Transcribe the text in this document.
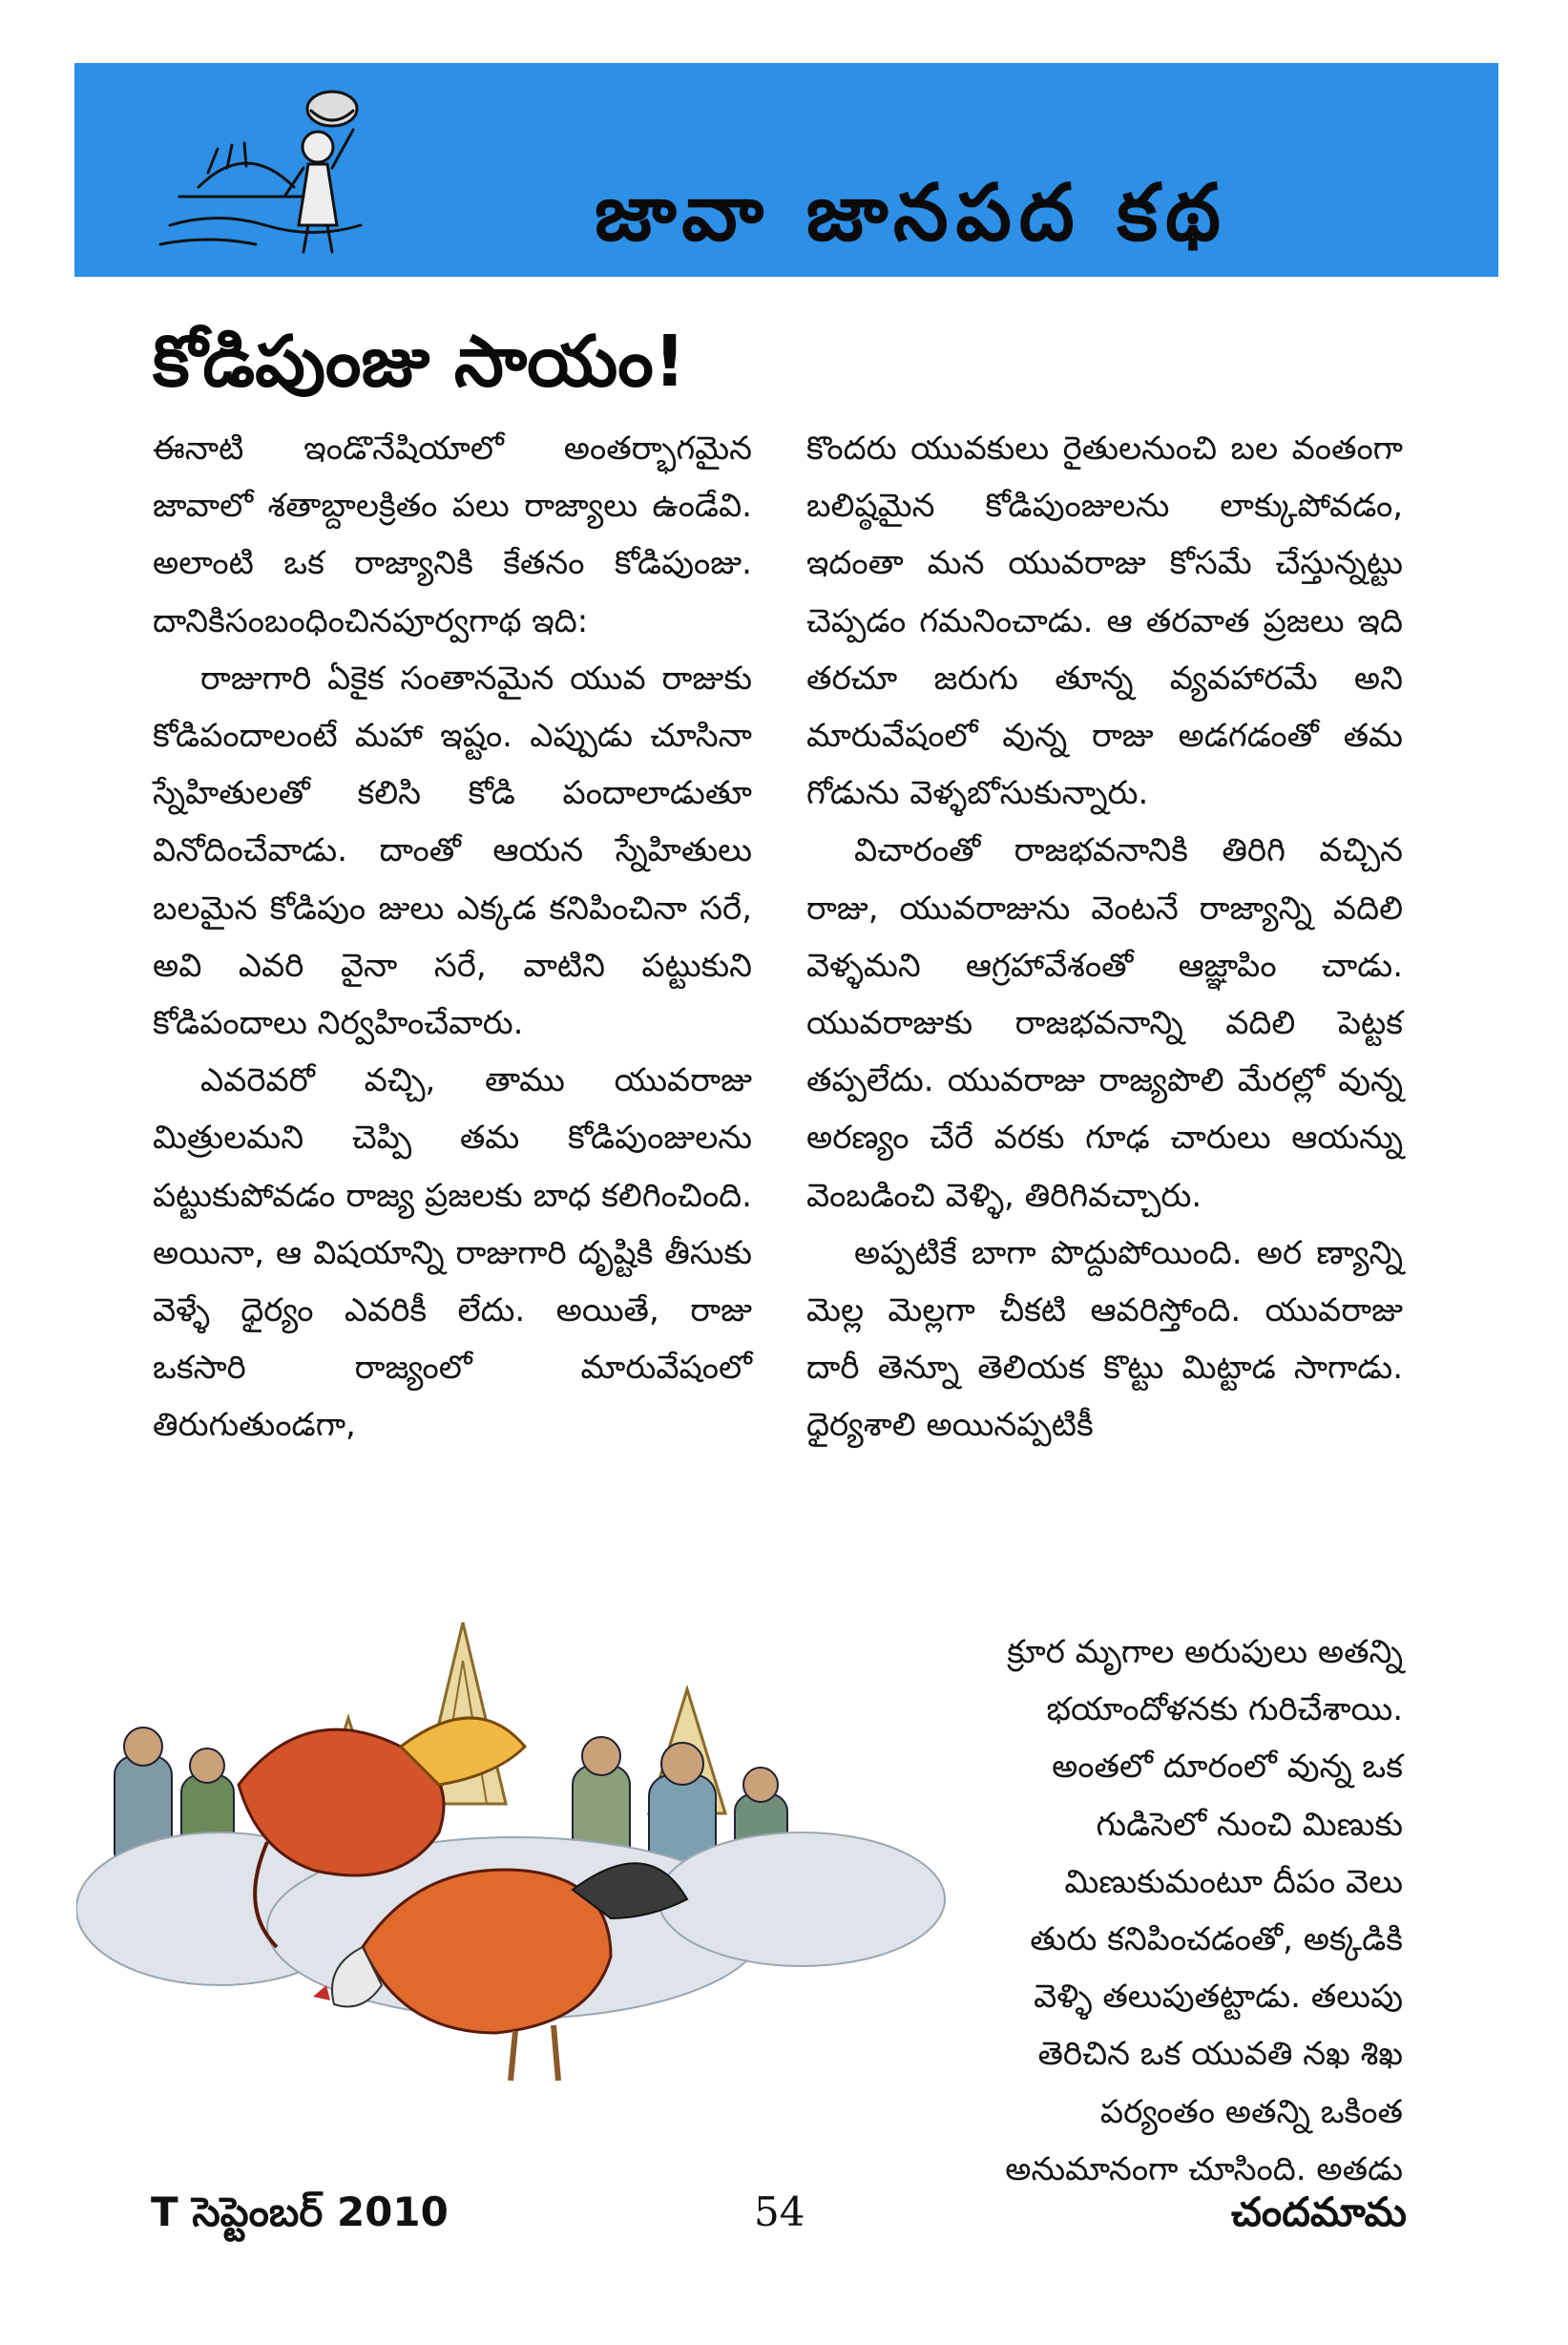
జావా జానపద కథ
కోడిపుంజు సాయం!

ఈనాటి ఇండొనేషియాలో అంతర్భాగమైన జావాలో శతాబ్దాలక్రితం పలు రాజ్యాలు ఉండేవి. అలాంటి ఒక రాజ్యానికి కేతనం కోడిపుంజు. దానికిసంబంధించినపూర్వగాథ ఇది:

రాజుగారి ఏకైక సంతానమైన యువ రాజుకు కోడిపందాలంటే మహా ఇష్టం. ఎప్పుడు చూసినా స్నేహితులతో కలిసి కోడి పందాలాడుతూ వినోదించేవాడు. దాంతో ఆయన స్నేహితులు బలమైన కోడిపుం జులు ఎక్కడ కనిపించినా సరే, అవి ఎవరి వైనా సరే, వాటిని పట్టుకుని కోడిపందాలు నిర్వహించేవారు.

ఎవరెవరో వచ్చి, తాము యువరాజు మిత్రులమని చెప్పి తమ కోడిపుంజులను పట్టుకుపోవడం రాజ్య ప్రజలకు బాధ కలిగించింది. అయినా, ఆ విషయాన్ని రాజుగారి దృష్టికి తీసుకు వెళ్ళే ధైర్యం ఎవరికీ లేదు. అయితే, రాజు ఒకసారి రాజ్యంలో మారువేషంలో తిరుగుతుండగా,

కొందరు యువకులు రైతులనుంచి బల వంతంగా బలిష్ఠమైన కోడిపుంజులను లాక్కుపోవడం, ఇదంతా మన యువరాజు కోసమే చేస్తున్నట్టు చెప్పడం గమనించాడు. ఆ తరవాత ప్రజలు ఇది తరచూ జరుగు తూన్న వ్యవహారమే అని మారువేషంలో వున్న రాజు అడగడంతో తమ గోడును వెళ్ళబోసుకున్నారు.

విచారంతో రాజభవనానికి తిరిగి వచ్చిన రాజు, యువరాజును వెంటనే రాజ్యాన్ని వదిలి వెళ్ళమని ఆగ్రహావేశంతో ఆజ్ఞాపిం చాడు. యువరాజుకు రాజభవనాన్ని వదిలి పెట్టక తప్పలేదు. యువరాజు రాజ్యపొలి మేరల్లో వున్న అరణ్యం చేరే వరకు గూఢ చారులు ఆయన్ను వెంబడించి వెళ్ళి, తిరిగివచ్చారు.

అప్పటికే బాగా పొద్దుపోయింది. అర ణ్యాన్ని మెల్ల మెల్లగా చీకటి ఆవరిస్తోంది. యువరాజు దారీ తెన్నూ తెలియక కొట్టు మిట్టాడ సాగాడు. ధైర్యశాలి అయినప్పటికీ

క్రూర మృగాల అరుపులు అతన్ని
భయాందోళనకు గురిచేశాయి.
అంతలో దూరంలో వున్న ఒక
గుడిసెలో నుంచి మిణుకు
మిణుకుమంటూ దీపం వెలు
తురు కనిపించడంతో, అక్కడికి
వెళ్ళి తలుపుతట్టాడు. తలుపు
తెరిచిన ఒక యువతి నఖ శిఖ
పర్యంతం అతన్ని ఒకింత
అనుమానంగా చూసింది. అతడు
T సెప్టెంబర్ 2010	54	చందమామ
